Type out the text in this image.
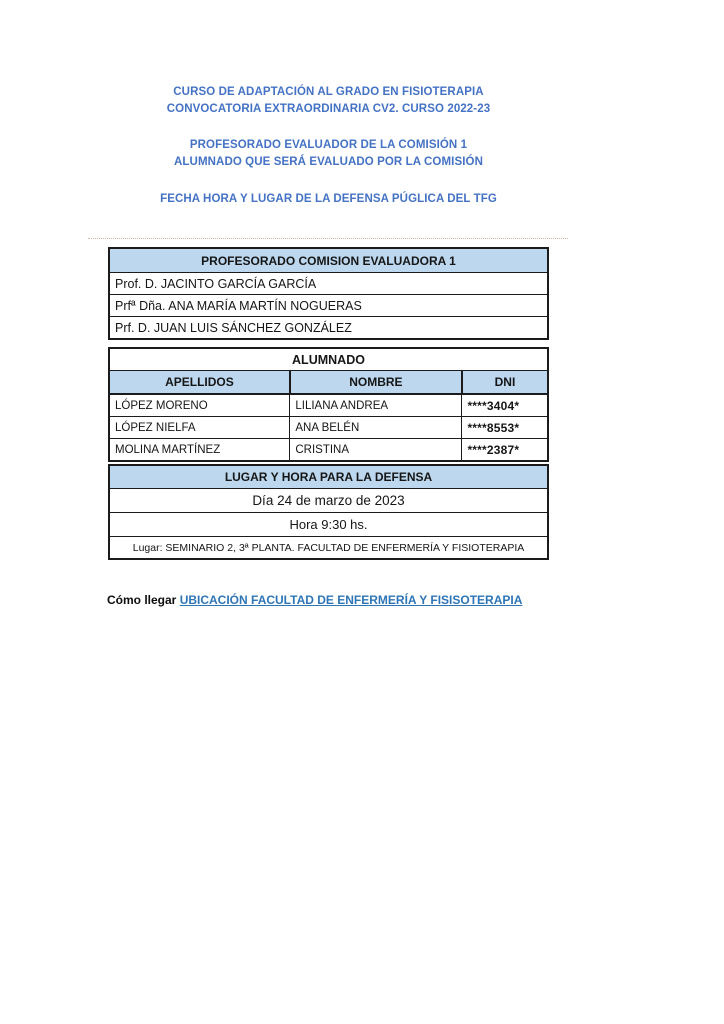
CURSO DE ADAPTACIÓN AL GRADO EN FISIOTERAPIA
CONVOCATORIA EXTRAORDINARIA CV2. CURSO 2022-23
PROFESORADO EVALUADOR DE LA COMISIÓN 1
ALUMNADO QUE SERÁ EVALUADO POR LA COMISIÓN
FECHA HORA Y LUGAR DE LA DEFENSA PÚGLICA DEL TFG
PROFESORADO COMISION EVALUADORA 1
Prof. D. JACINTO GARCÍA GARCÍA
Prfª Dña. ANA MARÍA MARTÍN NOGUERAS
Prf. D. JUAN LUIS SÁNCHEZ GONZÁLEZ
ALUMNADO		
APELLIDOS	NOMBRE	DNI
LÓPEZ MORENO	LILIANA ANDREA	****3404*
LÓPEZ NIELFA	ANA BELÉN	****8553*
MOLINA MARTÍNEZ	CRISTINA	****2387*
LUGAR Y HORA PARA LA DEFENSA
Día 24 de marzo de 2023
Hora 9:30 hs.
Lugar: SEMINARIO 2, 3ª PLANTA. FACULTAD DE ENFERMERÍA Y FISIOTERAPIA

Cómo llegar UBICACIÓN FACULTAD DE ENFERMERÍA Y FISISOTERAPIA
